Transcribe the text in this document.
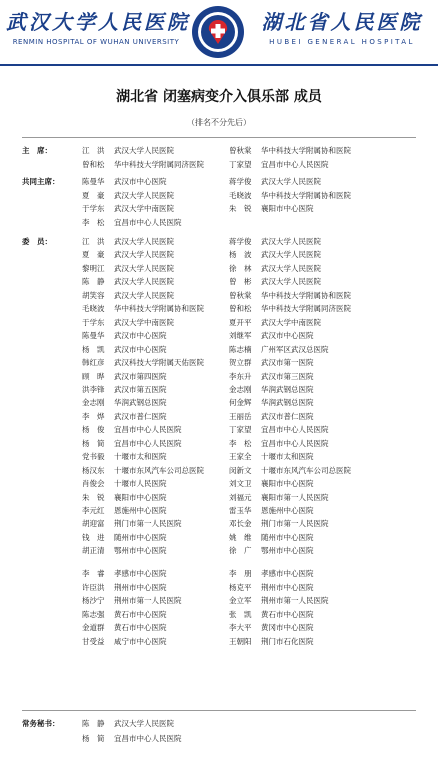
武汉大学人民医院
RENMIN HOSPITAL OF WUHAN UNIVERSITY
湖北省人民医院
HUBEI GENERAL HOSPITAL
湖北省 闭塞病变介入俱乐部 成员
（排名不分先后）
主　席：	江　洪 武汉大学人民医院	曾秋棠 华中科技大学附属协和医院
曾和松 华中科技大学附属同济医院	丁家望 宜昌市中心人民医院
共同主席：	陈曼华 武汉市中心医院	蒋学俊 武汉大学人民医院
夏　豪 武汉大学人民医院	毛晓波 华中科技大学附属协和医院
于学东 武汉大学中南医院	朱　锐 襄阳市中心医院
李　松 宜昌市中心人民医院
委　员：	江　洪 武汉大学人民医院	蒋学俊 武汉大学人民医院
夏　豪 武汉大学人民医院	杨　波 武汉大学人民医院
黎明江 武汉大学人民医院	徐　林 武汉大学人民医院
陈　静 武汉大学人民医院	曾　彬 武汉大学人民医院
胡笑容 武汉大学人民医院	曾秋棠 华中科技大学附属协和医院
毛晓波 华中科技大学附属协和医院	曾和松 华中科技大学附属同济医院
于学东 武汉大学中南医院	夏开平 武汉大学中南医院
陈曼华 武汉市中心医院	刘继军 武汉市中心医院
杨　凯 武汉市中心医院	陈志楠 广州军区武汉总医院
韩红彦 武汉科技大学附属天佑医院	贺立群 武汉市第一医院
顾　晔 武汉市第四医院	李东升 武汉市第三医院
洪李锋 武汉市第五医院	金志刚 华润武钢总医院
金志刚 华润武钢总医院	何金辉 华润武钢总医院
李　烨 武汉市普仁医院	王丽岳 武汉市普仁医院
杨　俊 宜昌市中心人民医院	丁家望 宜昌市中心人民医院
杨　简 宜昌市中心人民医院	李　松 宜昌市中心人民医院
党书毅 十堰市太和医院	王家全 十堰市太和医院
杨汉东 十堰市东风汽车公司总医院	闵新文 十堰市东风汽车公司总医院
肖俊会 十堰市人民医院	刘文卫 襄阳市中心医院
朱　锐 襄阳市中心医院	刘福元 襄阳市第一人民医院
李元红 恩施州中心医院	雷玉华 恩施州中心医院
胡迎富 荆门市第一人民医院	邓长金 荆门市第一人民医院
钱　进 随州市中心医院	姚　维 随州市中心医院
胡正清 鄂州市中心医院	徐　广 鄂州市中心医院
李　睿 孝感市中心医院	李　朋 孝感市中心医院
许臣洪 荆州市中心医院	杨克平 荆州市中心医院
杨沙宁 荆州市第一人民医院	金立军 荆州市第一人民医院
陈志强 黄石市中心医院	张　凯 黄石市中心医院
金道群 黄石市中心医院	李大平 黄冈市中心医院
甘受益 咸宁市中心医院	王朝阳 荆门市石化医院
常务秘书：	陈　静 武汉大学人民医院
杨　简 宜昌市中心人民医院
